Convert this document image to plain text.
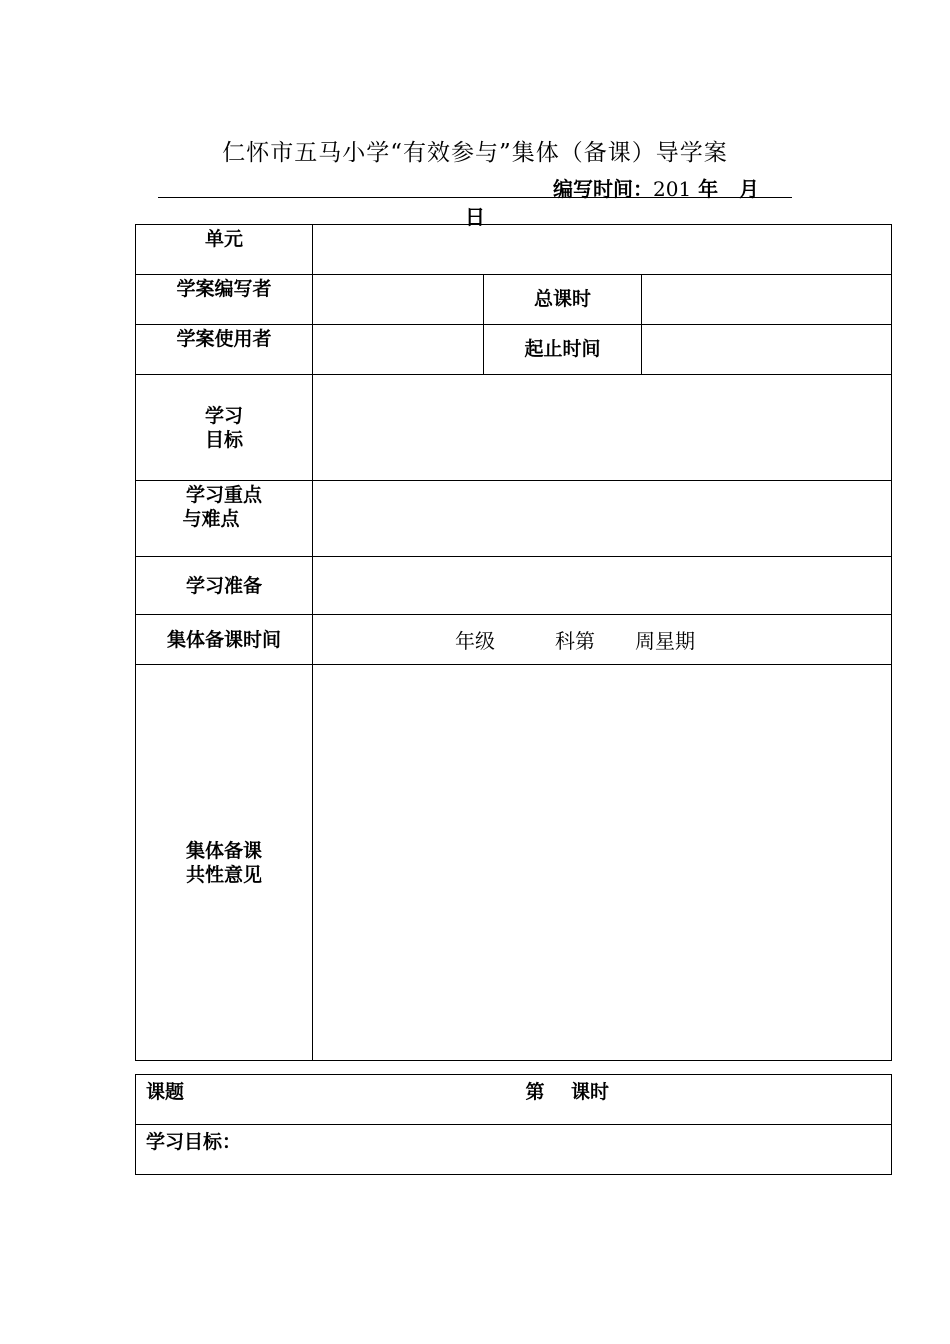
仁怀市五马小学“有效参与”集体（备课）导学案
编写时间：201 年 月
日
单元			
学案编写者		总课时	
学案使用者		起止时间	

学习
目标			

学习重点
与难点			

学习准备			
集体备课时间	年级 科第 周星期		

集体备课
共性意见			

课题	第 课时
学习目标：
